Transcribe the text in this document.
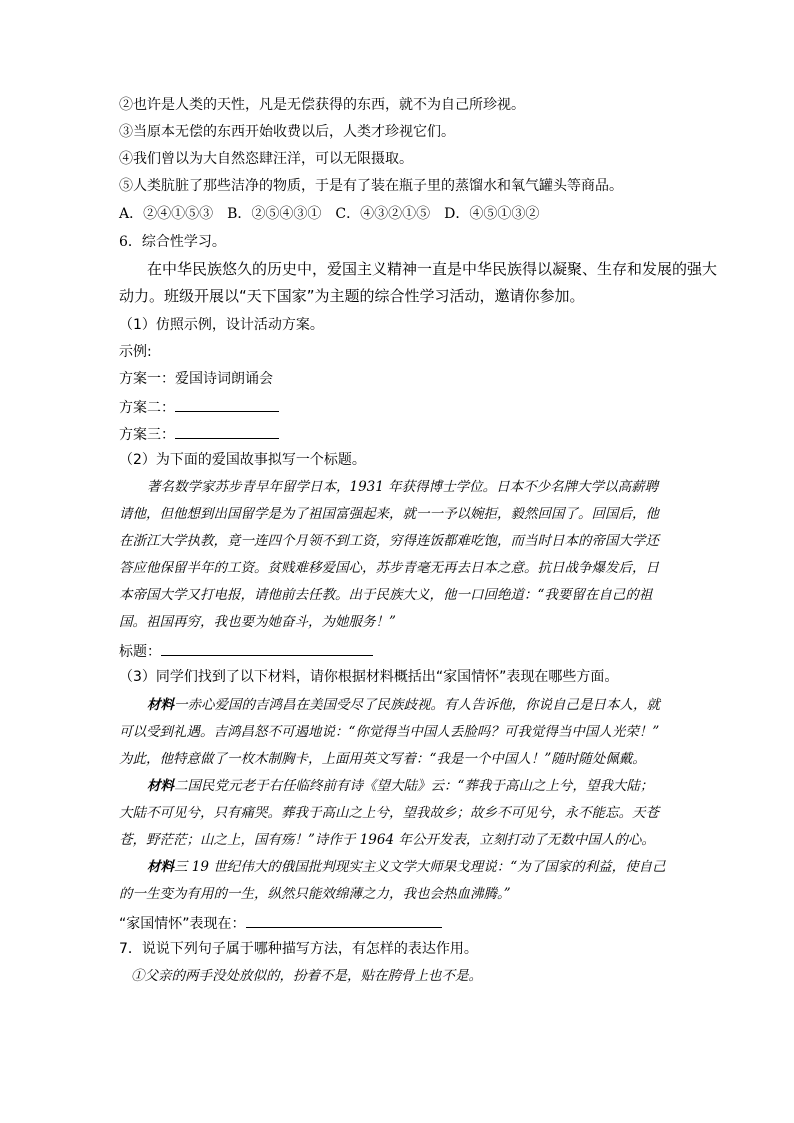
②也许是人类的天性，凡是无偿获得的东西，就不为自己所珍视。
③当原本无偿的东西开始收费以后，人类才珍视它们。
④我们曾以为大自然恣肆汪洋，可以无限摄取。
⑤人类肮脏了那些洁净的物质，于是有了装在瓶子里的蒸馏水和氧气罐头等商品。
A．②④①⑤③　B．②⑤④③①　C．④③②①⑤　D．④⑤①③②
6．综合性学习。
在中华民族悠久的历史中，爱国主义精神一直是中华民族得以凝聚、生存和发展的强大
动力。班级开展以“天下国家”为主题的综合性学习活动，邀请你参加。
（1）仿照示例，设计活动方案。
示例:
方案一：爱国诗词朗诵会
方案二：
方案三：
（2）为下面的爱国故事拟写一个标题。
著名数学家苏步青早年留学日本，1931 年获得博士学位。日本不少名牌大学以高薪聘
请他，但他想到出国留学是为了祖国富强起来，就一一予以婉拒，毅然回国了。回国后，他
在浙江大学执教，竟一连四个月领不到工资，穷得连饭都难吃饱，而当时日本的帝国大学还
答应他保留半年的工资。贫贱难移爱国心，苏步青毫无再去日本之意。抗日战争爆发后，日
本帝国大学又打电报，请他前去任教。出于民族大义，他一口回绝道：“我要留在自己的祖
国。祖国再穷，我也要为她奋斗，为她服务！”
标题：
（3）同学们找到了以下材料，请你根据材料概括出“家国情怀”表现在哪些方面。
材料一赤心爱国的吉鸿昌在美国受尽了民族歧视。有人告诉他，你说自己是日本人，就
可以受到礼遇。吉鸿昌怒不可遏地说：“你觉得当中国人丢脸吗？可我觉得当中国人光荣！”
为此，他特意做了一枚木制胸卡，上面用英文写着：“我是一个中国人！”随时随处佩戴。
材料二国民党元老于右任临终前有诗《望大陆》云：“葬我于高山之上兮，望我大陆；
大陆不可见兮，只有痛哭。葬我于高山之上兮，望我故乡；故乡不可见兮，永不能忘。天苍
苍，野茫茫；山之上，国有殇！”诗作于 1964 年公开发表，立刻打动了无数中国人的心。
材料三 19 世纪伟大的俄国批判现实主义文学大师果戈理说：“为了国家的利益，使自己
的一生变为有用的一生，纵然只能效绵薄之力，我也会热血沸腾。”
“家国情怀”表现在：
7．说说下列句子属于哪种描写方法，有怎样的表达作用。
①父亲的两手没处放似的，扮着不是，贴在胯骨上也不是。
